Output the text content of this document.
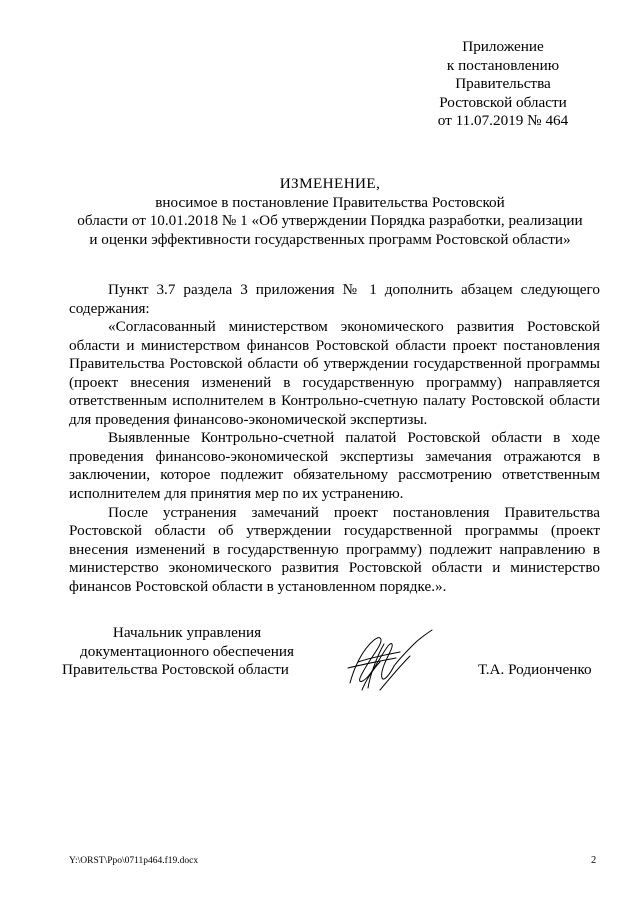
Приложение
к постановлению
Правительства
Ростовской области
от 11.07.2019 № 464
ИЗМЕНЕНИЕ,
вносимое в постановление Правительства Ростовской
области от 10.01.2018 № 1 «Об утверждении Порядка разработки, реализации
и оценки эффективности государственных программ Ростовской области»

Пункт 3.7 раздела 3 приложения № 1 дополнить абзацем следующего содержания:

«Согласованный министерством экономического развития Ростовской области и министерством финансов Ростовской области проект постановления Правительства Ростовской области об утверждении государственной программы (проект внесения изменений в государственную программу) направляется ответственным исполнителем в Контрольно-счетную палату Ростовской области для проведения финансово-экономической экспертизы.

Выявленные Контрольно-счетной палатой Ростовской области в ходе проведения финансово-экономической экспертизы замечания отражаются в заключении, которое подлежит обязательному рассмотрению ответственным исполнителем для принятия мер по их устранению.

После устранения замечаний проект постановления Правительства Ростовской области об утверждении государственной программы (проект внесения изменений в государственную программу) подлежит направлению в министерство экономического развития Ростовской области и министерство финансов Ростовской области в установленном порядке.».

Начальник управления
документационного обеспечения
Правительства Ростовской области	Т.А. Родионченко
Y:\ORST\Ppo\0711p464.f19.docx	2
